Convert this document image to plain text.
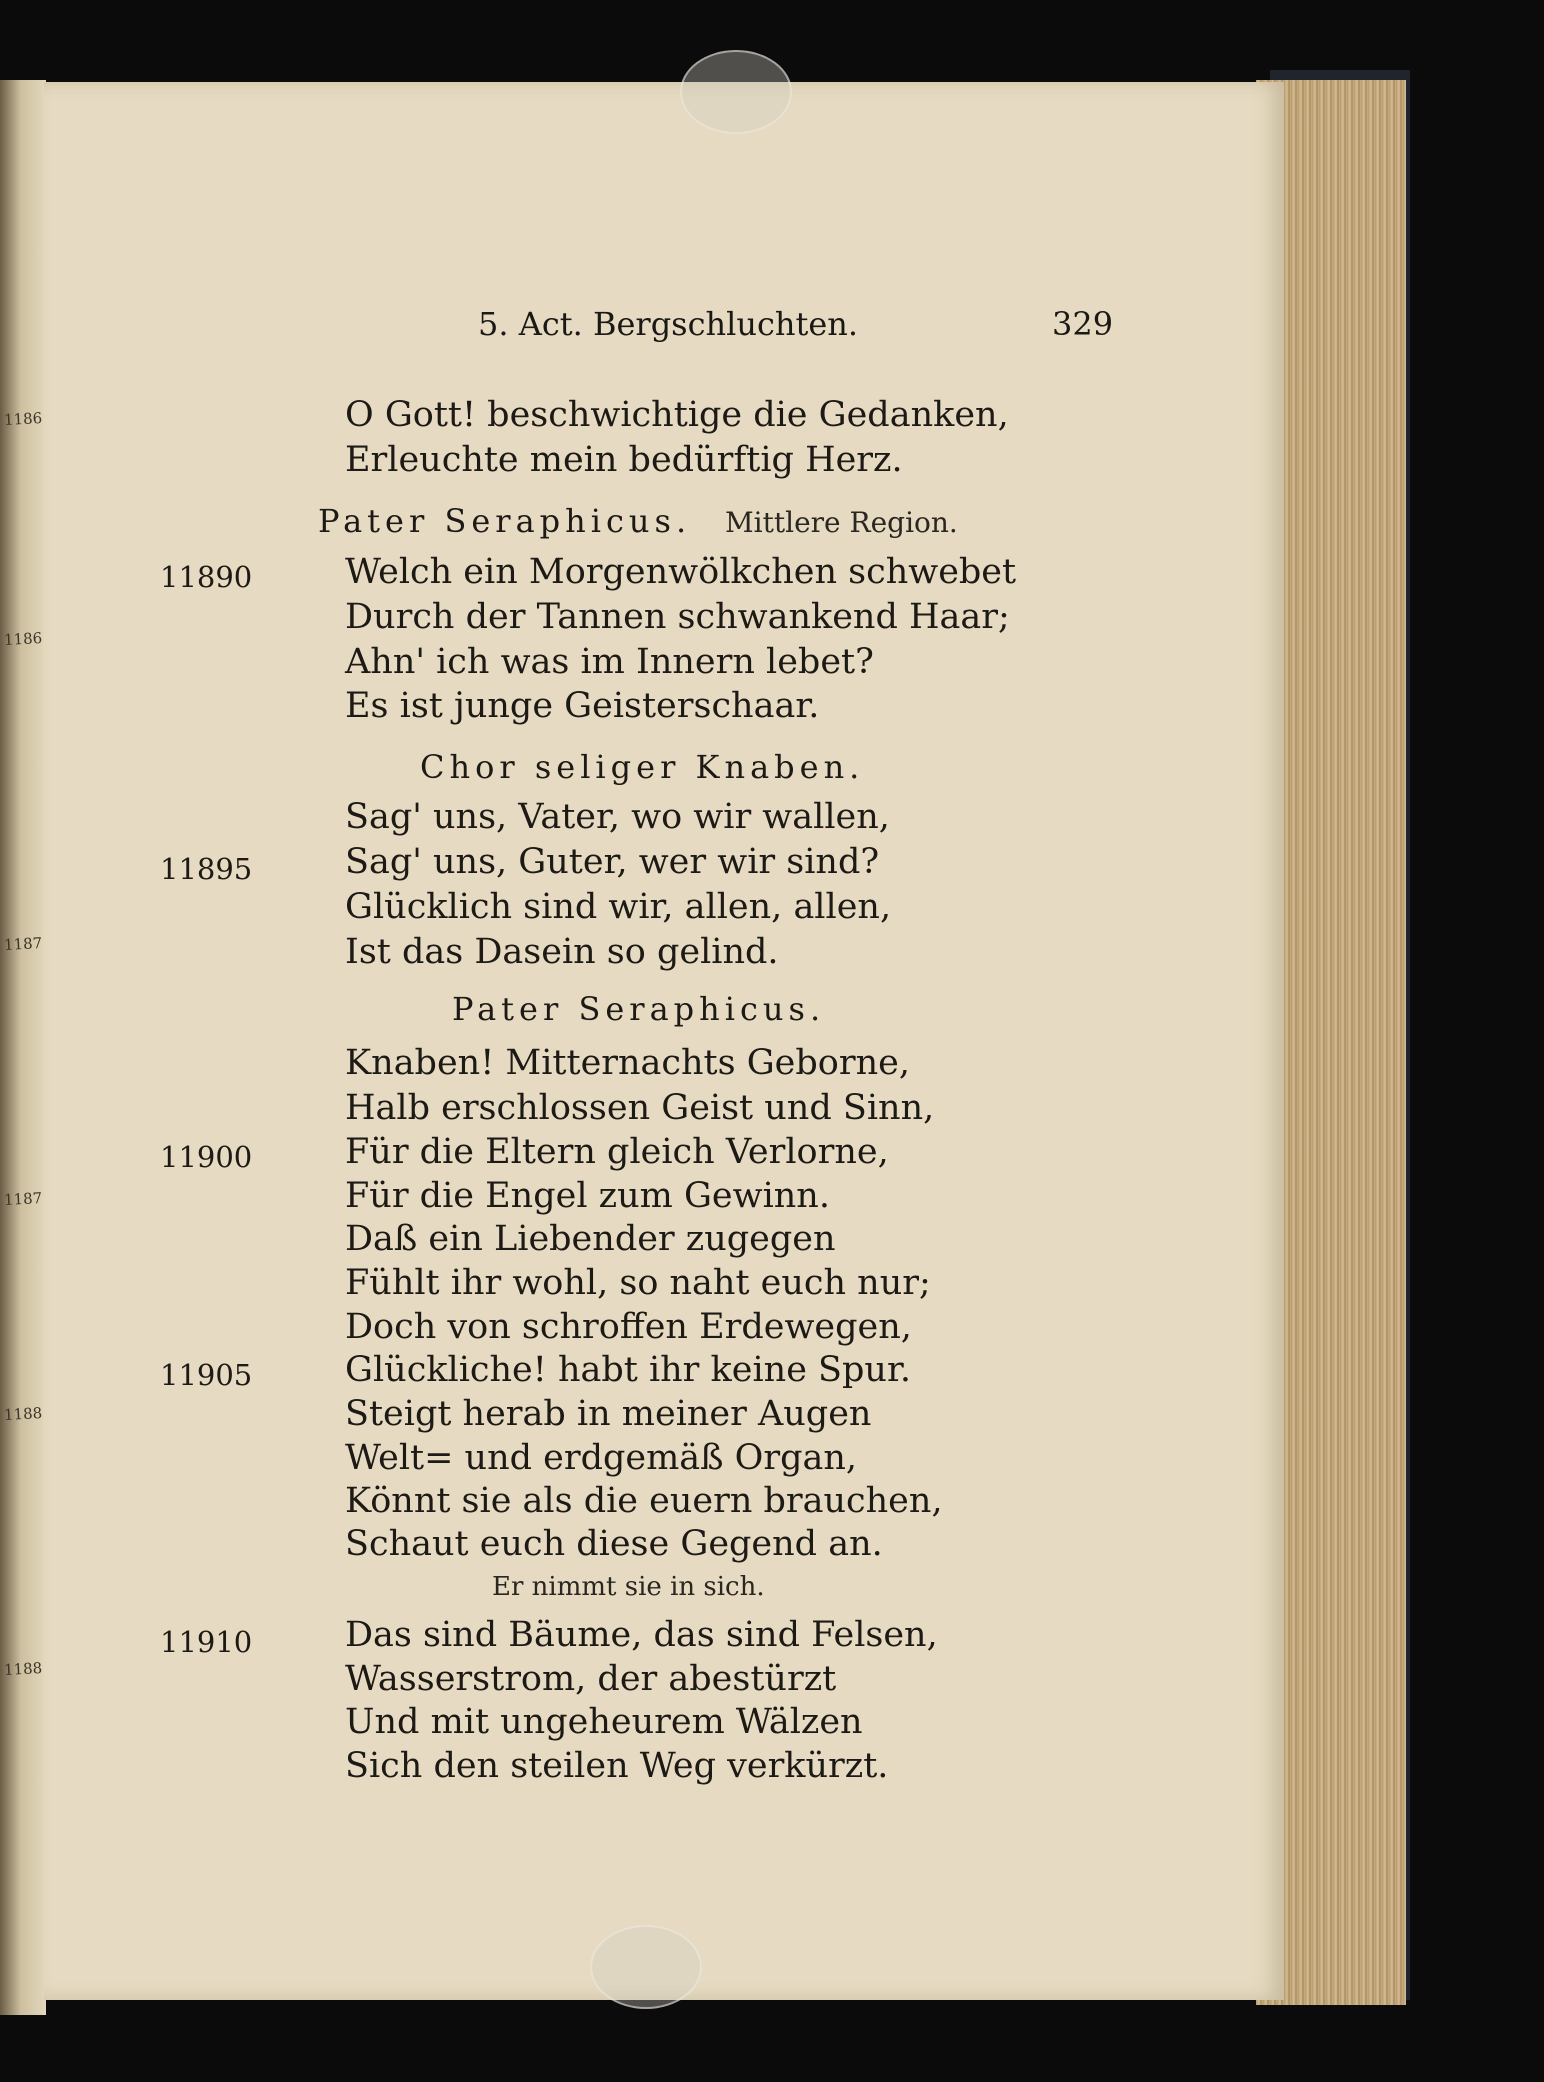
1186
1186
1187
1187
1188
1188
5. Act. Bergschluchten.	329
O Gott! beschwichtige die Gedanken,
Erleuchte mein bedürftig Herz.
Pater Seraphicus. Mittlere Region.
11890	Welch ein Morgenwölkchen schwebet
Durch der Tannen schwankend Haar;
Ahn' ich was im Innern lebet?
Es ist junge Geisterschaar.
Chor seliger Knaben.
Sag' uns, Vater, wo wir wallen,
11895	Sag' uns, Guter, wer wir sind?
Glücklich sind wir, allen, allen,
Ist das Dasein so gelind.
Pater Seraphicus.
Knaben! Mitternachts Geborne,
Halb erschlossen Geist und Sinn,
11900	Für die Eltern gleich Verlorne,
Für die Engel zum Gewinn.
Daß ein Liebender zugegen
Fühlt ihr wohl, so naht euch nur;
Doch von schroffen Erdewegen,
11905	Glückliche! habt ihr keine Spur.
Steigt herab in meiner Augen
Welt= und erdgemäß Organ,
Könnt sie als die euern brauchen,
Schaut euch diese Gegend an.
Er nimmt sie in sich.
11910	Das sind Bäume, das sind Felsen,
Wasserstrom, der abestürzt
Und mit ungeheurem Wälzen
Sich den steilen Weg verkürzt.
